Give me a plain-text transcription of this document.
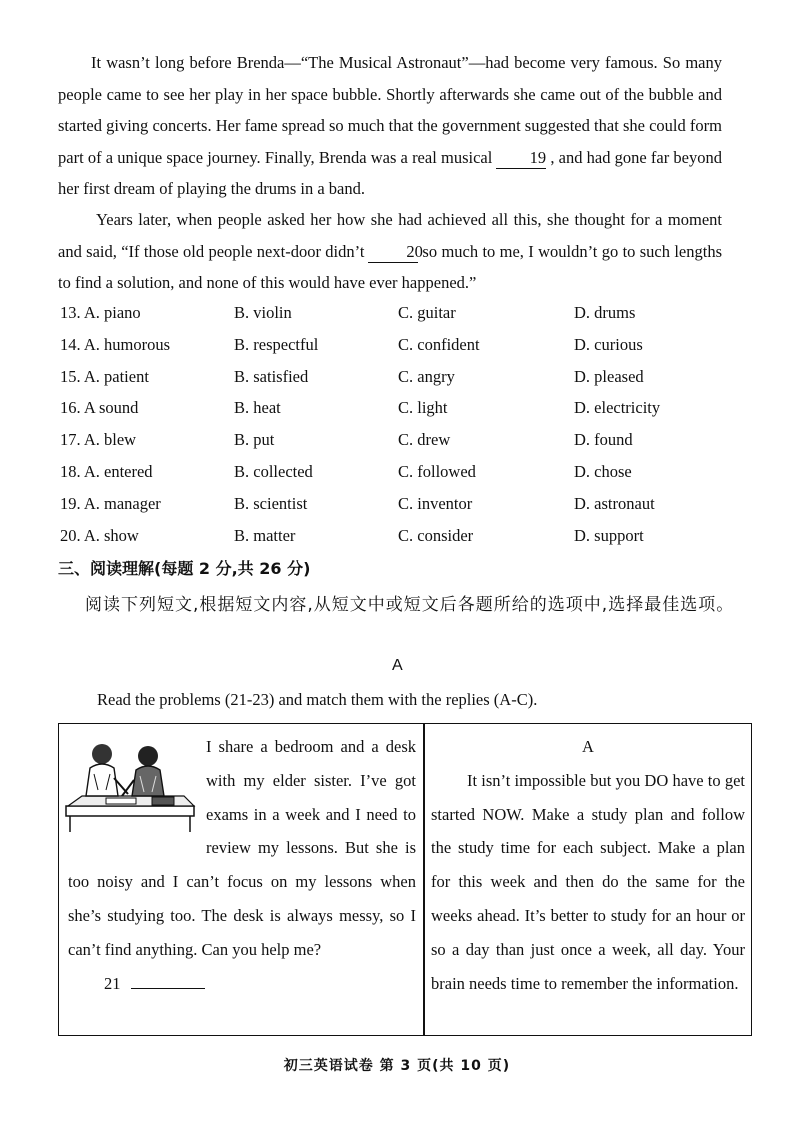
It wasn’t long before Brenda—“The Musical Astronaut”—had become very famous. So many people came to see her play in her space bubble. Shortly afterwards she came out of the bubble and started giving concerts. Her fame spread so much that the government suggested that she could form part of a unique space journey. Finally, Brenda was a real musical 19 , and had gone far beyond her first dream of playing the drums in a band.
Years later, when people asked her how she had achieved all this, she thought for a moment and said, “If those old people next-door didn’t	20so much to me, I wouldn’t go to such lengths to find a solution, and none of this would have ever happened.”
13. A. piano	B. violin	C. guitar	D. drums
14. A. humorous	B. respectful	C. confident	D. curious
15. A. patient	B. satisfied	C. angry	D. pleased
16. A sound	B. heat	C. light	D. electricity
17. A. blew	B. put	C. drew	D. found
18. A. entered	B. collected	C. followed	D. chose
19. A. manager	B. scientist	C. inventor	D. astronaut
20. A. show	B. matter	C. consider	D. support
三、阅读理解(每题 2 分,共 26 分)
阅读下列短文,根据短文内容,从短文中或短文后各题所给的选项中,选择最佳选项。
A
Read the problems (21-23) and match them with the replies (A-C).
I share a bedroom and a desk with my elder sister. I’ve got exams in a week and I need to review my lessons. But she is too noisy and I can’t focus on my lessons when she’s studying too. The desk is always messy, so I can’t find anything. Can you help me?
21
A
It isn’t impossible but you DO have to get started NOW. Make a study plan and follow the study time for each subject. Make a plan for this week and then do the same for the weeks ahead. It’s better to study for an hour or so a day than just once a week, all day. Your brain needs time to remember the information.
初三英语试卷 第 3 页(共 10 页)
